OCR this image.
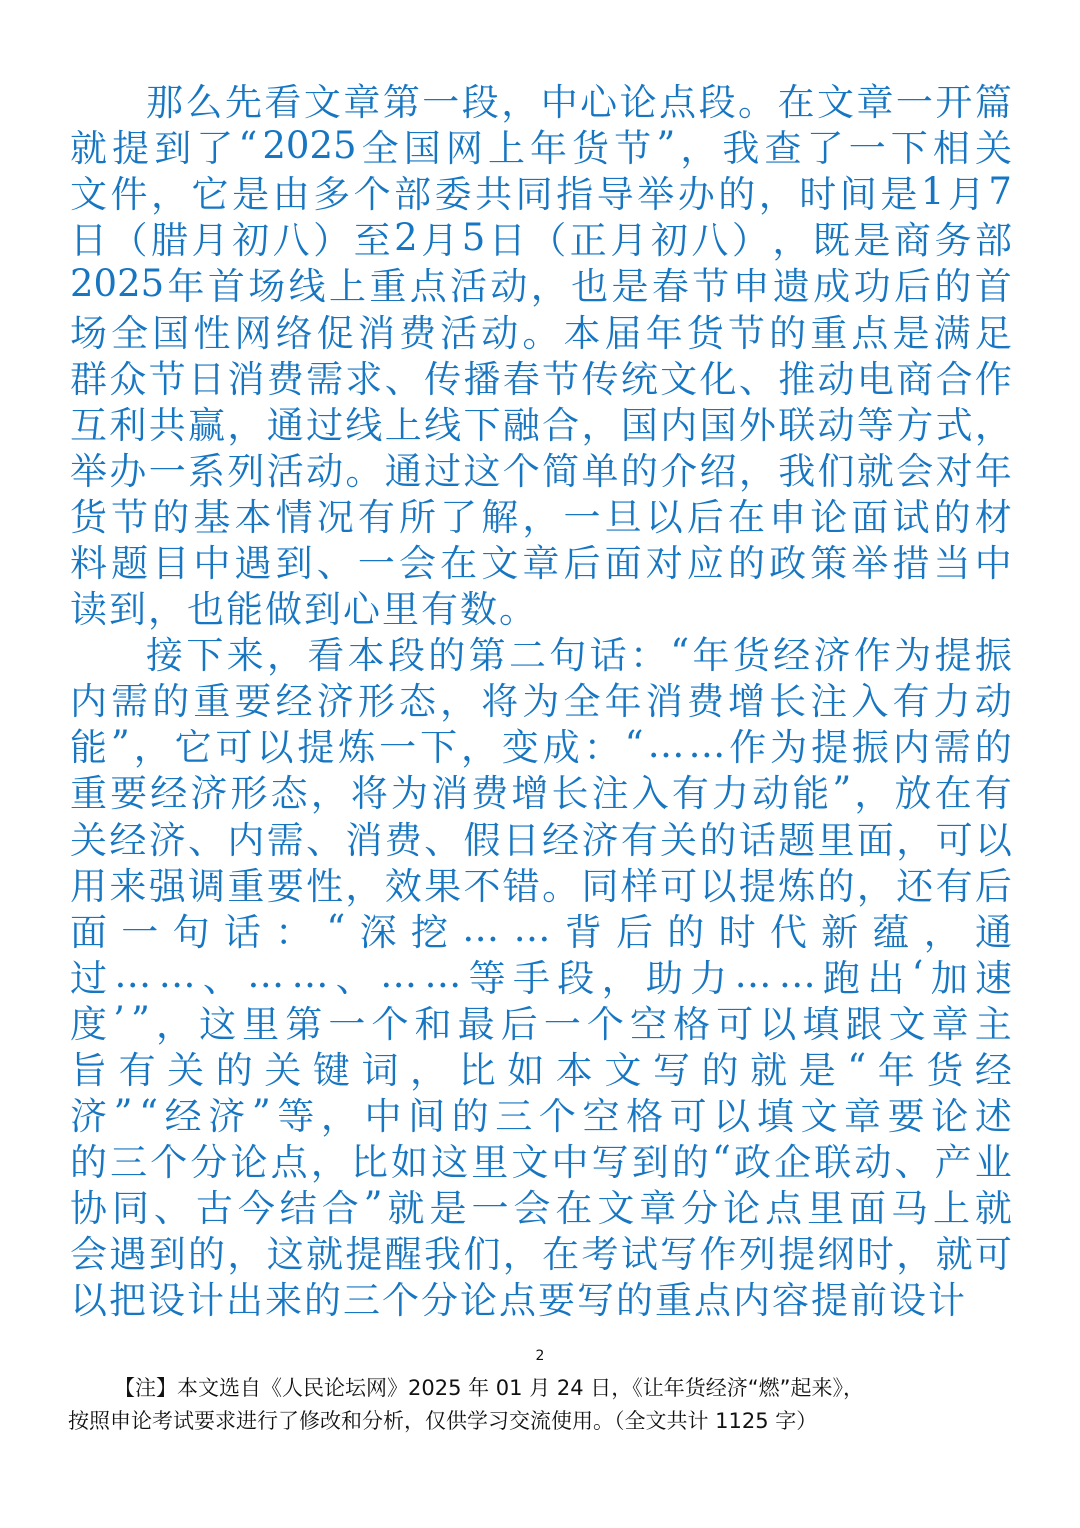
那 么 先 看 文 章 第 一 段 ， 中 心 论 点 段 。 在 文 章 一 开 篇
就 提 到 了 “ 2025 全 国 网 上 年 货 节 ” ， 我 查 了 一 下 相 关
文 件 ， 它 是 由 多 个 部 委 共 同 指 导 举 办 的 ， 时 间 是 1 月 7
日 （ 腊 月 初 八 ） 至 2 月 5 日 （ 正 月 初 八 ） ， 既 是 商 务 部
2025 年 首 场 线 上 重 点 活 动 ， 也 是 春 节 申 遗 成 功 后 的 首
场 全 国 性 网 络 促 消 费 活 动 。 本 届 年 货 节 的 重 点 是 满 足
群 众 节 日 消 费 需 求 、 传 播 春 节 传 统 文 化 、 推 动 电 商 合 作
互 利 共 赢 ， 通 过 线 上 线 下 融 合 ， 国 内 国 外 联 动 等 方 式 ，
举 办 一 系 列 活 动 。 通 过 这 个 简 单 的 介 绍 ， 我 们 就 会 对 年
货 节 的 基 本 情 况 有 所 了 解 ， 一 旦 以 后 在 申 论 面 试 的 材
料 题 目 中 遇 到 、 一 会 在 文 章 后 面 对 应 的 政 策 举 措 当 中
读 到 ， 也 能 做 到 心 里 有 数 。
接 下 来 ， 看 本 段 的 第 二 句 话 ： “ 年 货 经 济 作 为 提 振
内 需 的 重 要 经 济 形 态 ， 将 为 全 年 消 费 增 长 注 入 有 力 动
能 ” ， 它 可 以 提 炼 一 下 ， 变 成 ： “ … … 作 为 提 振 内 需 的
重 要 经 济 形 态 ， 将 为 消 费 增 长 注 入 有 力 动 能 ” ， 放 在 有
关 经 济 、 内 需 、 消 费 、 假 日 经 济 有 关 的 话 题 里 面 ， 可 以
用 来 强 调 重 要 性 ， 效 果 不 错 。 同 样 可 以 提 炼 的 ， 还 有 后
面 一 句 话 ： “ 深 挖 … … 背 后 的 时 代 新 蕴 ， 通
过 … … 、 … … 、 … … 等 手 段 ， 助 力 … … 跑 出 ‘ 加 速
度 ’ ” ， 这 里 第 一 个 和 最 后 一 个 空 格 可 以 填 跟 文 章 主
旨 有 关 的 关 键 词 ， 比 如 本 文 写 的 就 是 “ 年 货 经
济 ” “ 经 济 ” 等 ， 中 间 的 三 个 空 格 可 以 填 文 章 要 论 述
的 三 个 分 论 点 ， 比 如 这 里 文 中 写 到 的 “ 政 企 联 动 、 产 业
协 同 、 古 今 结 合 ” 就 是 一 会 在 文 章 分 论 点 里 面 马 上 就
会 遇 到 的 ， 这 就 提 醒 我 们 ， 在 考 试 写 作 列 提 纲 时 ， 就 可
以 把 设 计 出 来 的 三 个 分 论 点 要 写 的 重 点 内 容 提 前 设 计
2
【注】本文选自《人民论坛网》2025 年 01 月 24 日，《让年货经济“燃”起来》，
按照申论考试要求进行了修改和分析，仅供学习交流使用。（全文共计 1125 字）
